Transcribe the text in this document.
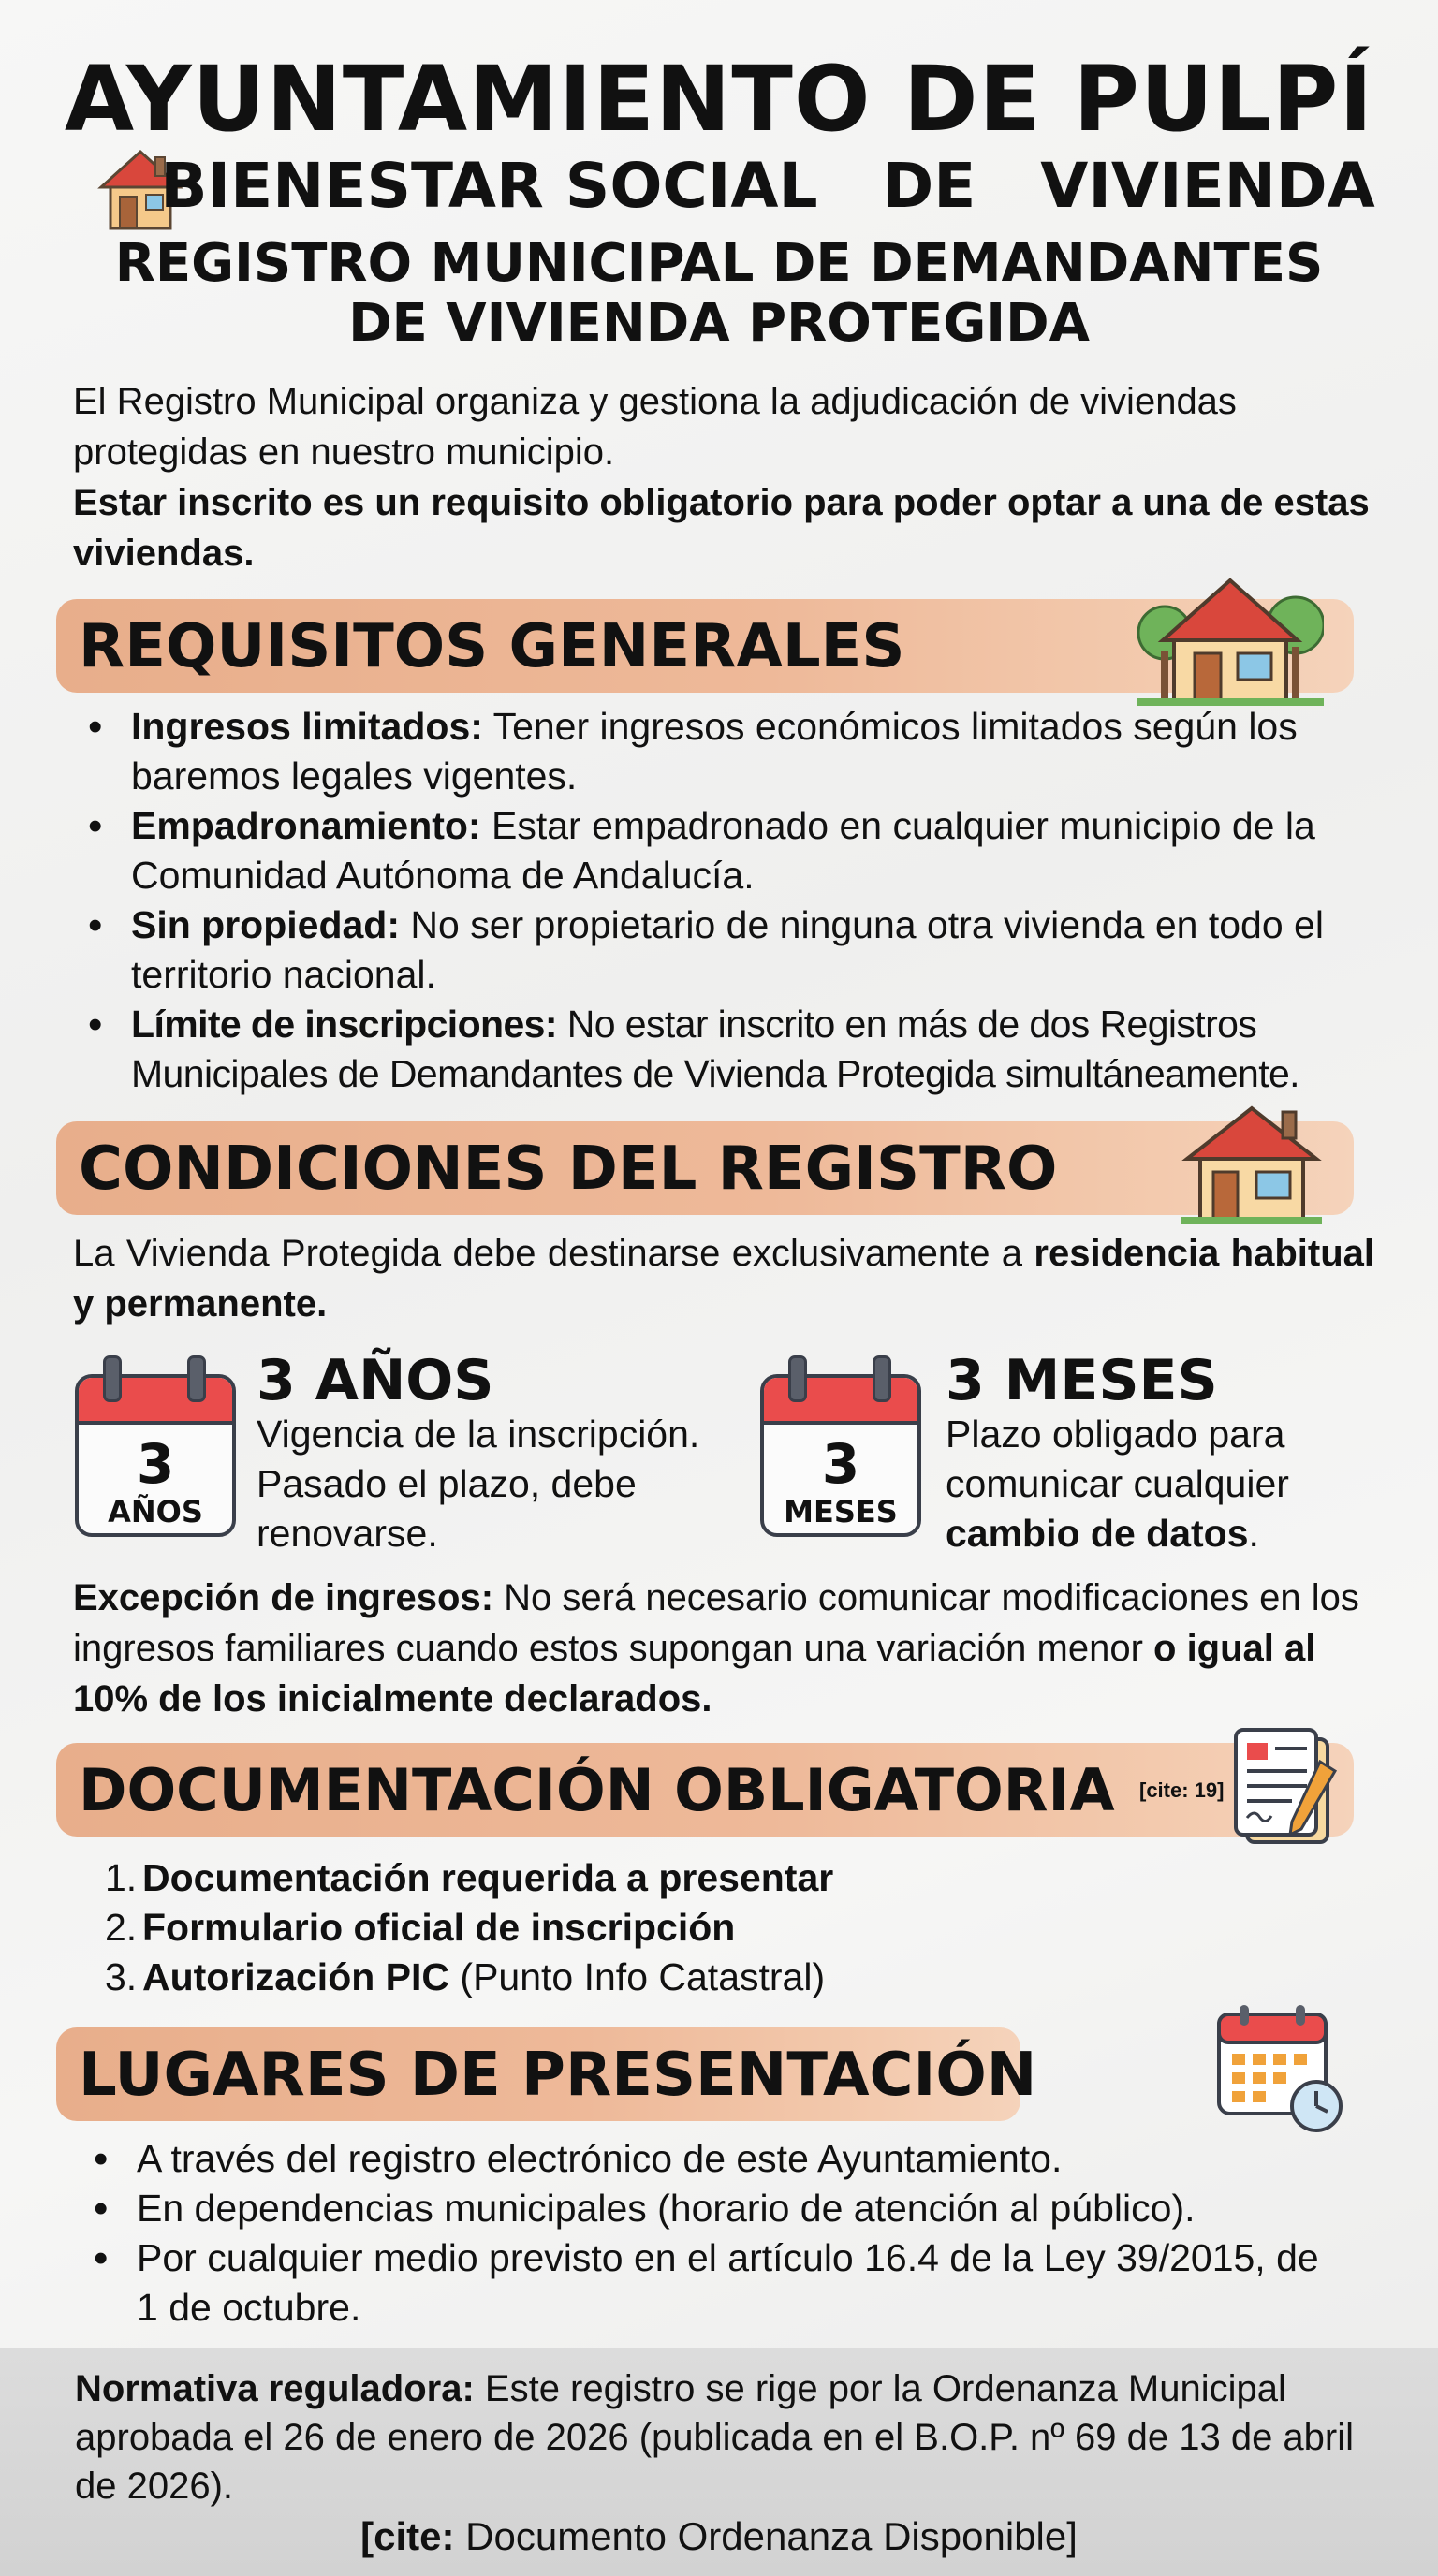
AYUNTAMIENTO DE PULPÍ
BIENESTAR SOCIAL   DE   VIVIENDA
REGISTRO MUNICIPAL DE DEMANDANTES
DE VIVIENDA PROTEGIDA
El Registro Municipal organiza y gestiona la adjudicación de viviendas protegidas en nuestro municipio.
Estar inscrito es un requisito obligatorio para poder optar a una de estas viviendas.
REQUISITOS GENERALES
• Ingresos limitados: Tener ingresos económicos limitados según los baremos legales vigentes.
• Empadronamiento: Estar empadronado en cualquier municipio de la Comunidad Autónoma de Andalucía.
• Sin propiedad: No ser propietario de ninguna otra vivienda en todo el territorio nacional.
• Límite de inscripciones: No estar inscrito en más de dos Registros Municipales de Demandantes de Vivienda Protegida simultáneamente.
CONDICIONES DEL REGISTRO
La Vivienda Protegida debe destinarse exclusivamente a residencia habitual y permanente.
3
AÑOS
3 AÑOS
Vigencia de la inscripción.
Pasado el plazo, debe
renovarse.
3
MESES
3 MESES
Plazo obligado para
comunicar cualquier
cambio de datos.
Excepción de ingresos: No será necesario comunicar modificaciones en los ingresos familiares cuando estos supongan una variación menor o igual al 10% de los inicialmente declarados.
DOCUMENTACIÓN OBLIGATORIA [cite: 19]
1. Documentación requerida a presentar
2. Formulario oficial de inscripción
3. Autorización PIC (Punto Info Catastral)
LUGARES DE PRESENTACIÓN
• A través del registro electrónico de este Ayuntamiento.
• En dependencias municipales (horario de atención al público).
• Por cualquier medio previsto en el artículo 16.4 de la Ley 39/2015, de 1 de octubre.
Normativa reguladora: Este registro se rige por la Ordenanza Municipal aprobada el 26 de enero de 2026 (publicada en el B.O.P. nº 69 de 13 de abril de 2026).
[cite: Documento Ordenanza Disponible]
